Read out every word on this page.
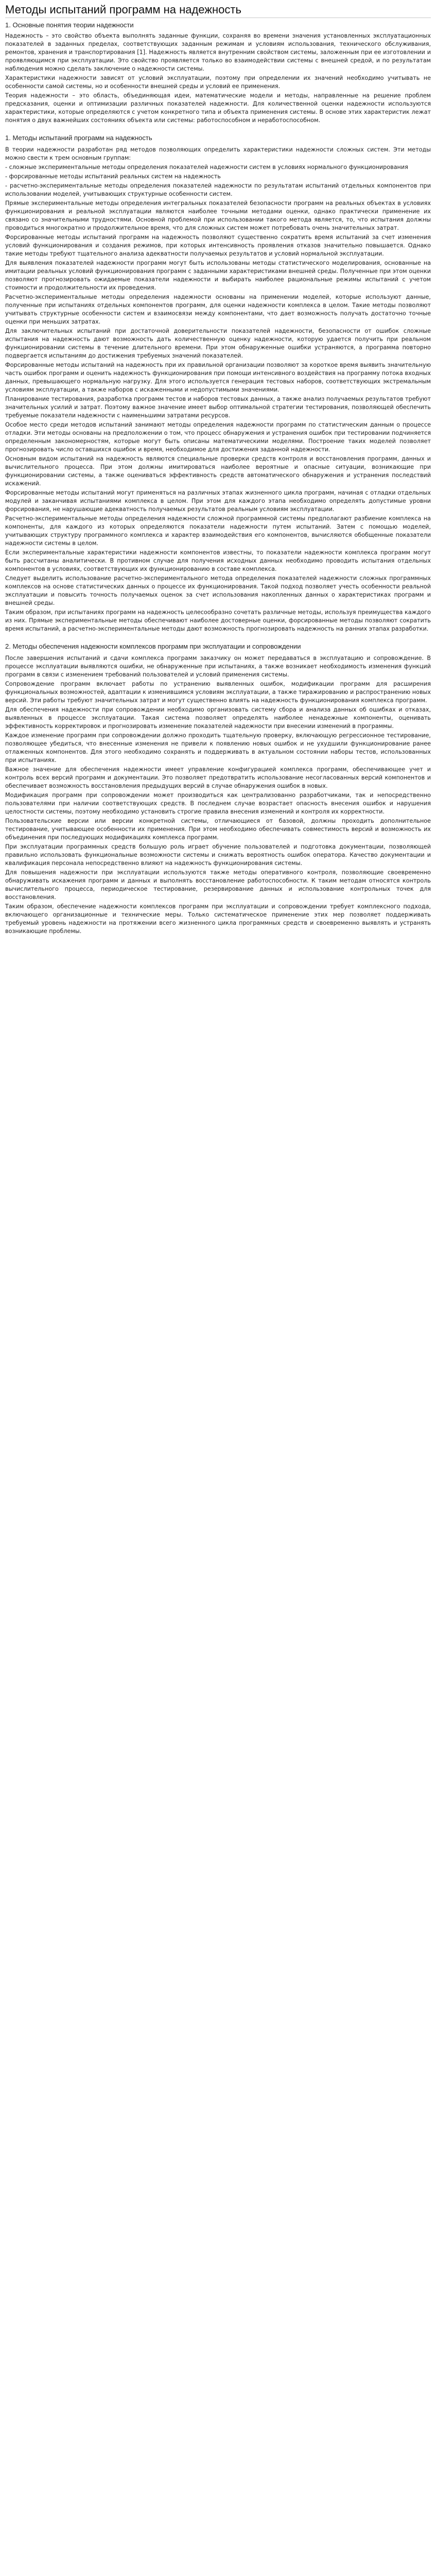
Методы испытаний программ на надежность
1. Основные понятия теории надежности

Надежность – это свойство объекта выполнять заданные функции, сохраняя во времени значения установленных эксплуатационных показателей в заданных пределах, соответствующих заданным режимам и условиям использования, технического обслуживания, ремонтов, хранения и транспортирования [1]. Надежность является внутренним свойством системы, заложенным при ее изготовлении и проявляющимся при эксплуатации. Это свойство проявляется только во взаимодействии системы с внешней средой, и по результатам наблюдения можно сделать заключение о надежности системы.

Характеристики надежности зависят от условий эксплуатации, поэтому при определении их значений необходимо учитывать не особенности самой системы, но и особенности внешней среды и условий ее применения.

Теория надежности – это область, объединяющая идеи, математические модели и методы, направленные на решение проблем предсказания, оценки и оптимизации различных показателей надежности. Для количественной оценки надежности используются характеристики, которые определяются с учетом конкретного типа и объекта применения системы. В основе этих характеристик лежат понятия о двух важнейших состояниях объекта или системы: работоспособном и неработоспособном.

1. Методы испытаний программ на надежность

В теории надежности разработан ряд методов позволяющих определить характеристики надежности сложных систем. Эти методы можно свести к трем основным группам:

- сложные экспериментальные методы определения показателей надежности систем в условиях нормального функционирования

- форсированные методы испытаний реальных систем на надежность

- расчетно-экспериментальные методы определения показателей надежности по результатам испытаний отдельных компонентов при использовании моделей, учитывающих структурные особенности систем.

Прямые экспериментальные методы определения интегральных показателей безопасности программ на реальных объектах в условиях функционирования и реальной эксплуатации являются наиболее точными методами оценки, однако практически применение их связано со значительными трудностями. Основной проблемой при использовании такого метода является, то, что испытания должны проводиться многократно и продолжительное время, что для сложных систем может потребовать очень значительных затрат.

Форсированные методы испытаний программ на надежность позволяют существенно сократить время испытаний за счет изменения условий функционирования и создания режимов, при которых интенсивность проявления отказов значительно повышается. Однако такие методы требуют тщательного анализа адекватности получаемых результатов и условий нормальной эксплуатации.

Для выявления показателей надежности программ могут быть использованы методы статистического моделирования, основанные на имитации реальных условий функционирования программ с заданными характеристиками внешней среды. Полученные при этом оценки позволяют прогнозировать ожидаемые показатели надежности и выбирать наиболее рациональные режимы испытаний с учетом стоимости и продолжительности их проведения.

Расчетно-экспериментальные методы определения надежности основаны на применении моделей, которые используют данные, полученные при испытаниях отдельных компонентов программ, для оценки надежности комплекса в целом. Такие методы позволяют учитывать структурные особенности систем и взаимосвязи между компонентами, что дает возможность получать достаточно точные оценки при меньших затратах.

Для заключительных испытаний при достаточной доверительности показателей надежности, безопасности от ошибок сложные испытания на надежность дают возможность дать количественную оценку надежности, которую удается получить при реальном функционировании системы в течение длительного времени. При этом обнаруженные ошибки устраняются, а программа повторно подвергается испытаниям до достижения требуемых значений показателей.

Форсированные методы испытаний на надежность при их правильной организации позволяют за короткое время выявить значительную часть ошибок программ и оценить надежность функционирования при помощи интенсивного воздействия на программу потока входных данных, превышающего нормальную нагрузку. Для этого используется генерация тестовых наборов, соответствующих экстремальным условиям эксплуатации, а также наборов с искаженными и недопустимыми значениями.

Планирование тестирования, разработка программ тестов и наборов тестовых данных, а также анализ получаемых результатов требуют значительных усилий и затрат. Поэтому важное значение имеет выбор оптимальной стратегии тестирования, позволяющей обеспечить требуемые показатели надежности с наименьшими затратами ресурсов.

Особое место среди методов испытаний занимают методы определения надежности программ по статистическим данным о процессе отладки. Эти методы основаны на предположении о том, что процесс обнаружения и устранения ошибок при тестировании подчиняется определенным закономерностям, которые могут быть описаны математическими моделями. Построение таких моделей позволяет прогнозировать число оставшихся ошибок и время, необходимое для достижения заданной надежности.

Основным видом испытаний на надежность являются специальные проверки средств контроля и восстановления программ, данных и вычислительного процесса. При этом должны имитироваться наиболее вероятные и опасные ситуации, возникающие при функционировании системы, а также оцениваться эффективность средств автоматического обнаружения и устранения последствий искажений.

Форсированные методы испытаний могут применяться на различных этапах жизненного цикла программ, начиная с отладки отдельных модулей и заканчивая испытаниями комплекса в целом. При этом для каждого этапа необходимо определять допустимые уровни форсирования, не нарушающие адекватность получаемых результатов реальным условиям эксплуатации.

Расчетно-экспериментальные методы определения надежности сложной программной системы предполагают разбиение комплекса на компоненты, для каждого из которых определяются показатели надежности путем испытаний. Затем с помощью моделей, учитывающих структуру программного комплекса и характер взаимодействия его компонентов, вычисляются обобщенные показатели надежности системы в целом.

Если экспериментальные характеристики надежности компонентов известны, то показатели надежности комплекса программ могут быть рассчитаны аналитически. В противном случае для получения исходных данных необходимо проводить испытания отдельных компонентов в условиях, соответствующих их функционированию в составе комплекса.

Следует выделить использование расчетно-экспериментального метода определения показателей надежности сложных программных комплексов на основе статистических данных о процессе их функционирования. Такой подход позволяет учесть особенности реальной эксплуатации и повысить точность получаемых оценок за счет использования накопленных данных о характеристиках программ и внешней среды.

Таким образом, при испытаниях программ на надежность целесообразно сочетать различные методы, используя преимущества каждого из них. Прямые экспериментальные методы обеспечивают наиболее достоверные оценки, форсированные методы позволяют сократить время испытаний, а расчетно-экспериментальные методы дают возможность прогнозировать надежность на ранних этапах разработки.

2. Методы обеспечения надежности комплексов программ при эксплуатации и сопровождении

После завершения испытаний и сдачи комплекса программ заказчику он может передаваться в эксплуатацию и сопровождение. В процессе эксплуатации выявляются ошибки, не обнаруженные при испытаниях, а также возникает необходимость изменения функций программ в связи с изменением требований пользователей и условий применения системы.

Сопровождение программ включает работы по устранению выявленных ошибок, модификации программ для расширения функциональных возможностей, адаптации к изменившимся условиям эксплуатации, а также тиражированию и распространению новых версий. Эти работы требуют значительных затрат и могут существенно влиять на надежность функционирования комплекса программ.

Для обеспечения надежности при сопровождении необходимо организовать систему сбора и анализа данных об ошибках и отказах, выявленных в процессе эксплуатации. Такая система позволяет определять наиболее ненадежные компоненты, оценивать эффективность корректировок и прогнозировать изменение показателей надежности при внесении изменений в программы.

Каждое изменение программ при сопровождении должно проходить тщательную проверку, включающую регрессионное тестирование, позволяющее убедиться, что внесенные изменения не привели к появлению новых ошибок и не ухудшили функционирование ранее отлаженных компонентов. Для этого необходимо сохранять и поддерживать в актуальном состоянии наборы тестов, использованных при испытаниях.

Важное значение для обеспечения надежности имеет управление конфигурацией комплекса программ, обеспечивающее учет и контроль всех версий программ и документации. Это позволяет предотвратить использование несогласованных версий компонентов и обеспечивает возможность восстановления предыдущих версий в случае обнаружения ошибок в новых.

Модификация программ при сопровождении может производиться как централизованно разработчиками, так и непосредственно пользователями при наличии соответствующих средств. В последнем случае возрастает опасность внесения ошибок и нарушения целостности системы, поэтому необходимо установить строгие правила внесения изменений и контроля их корректности.

Пользовательские версии или версии конкретной системы, отличающиеся от базовой, должны проходить дополнительное тестирование, учитывающее особенности их применения. При этом необходимо обеспечивать совместимость версий и возможность их объединения при последующих модификациях комплекса программ.

При эксплуатации программных средств большую роль играет обучение пользователей и подготовка документации, позволяющей правильно использовать функциональные возможности системы и снижать вероятность ошибок оператора. Качество документации и квалификация персонала непосредственно влияют на надежность функционирования системы.

Для повышения надежности при эксплуатации используются также методы оперативного контроля, позволяющие своевременно обнаруживать искажения программ и данных и выполнять восстановление работоспособности. К таким методам относятся контроль вычислительного процесса, периодическое тестирование, резервирование данных и использование контрольных точек для восстановления.

Таким образом, обеспечение надежности комплексов программ при эксплуатации и сопровождении требует комплексного подхода, включающего организационные и технические меры. Только систематическое применение этих мер позволяет поддерживать требуемый уровень надежности на протяжении всего жизненного цикла программных средств и своевременно выявлять и устранять возникающие проблемы.
